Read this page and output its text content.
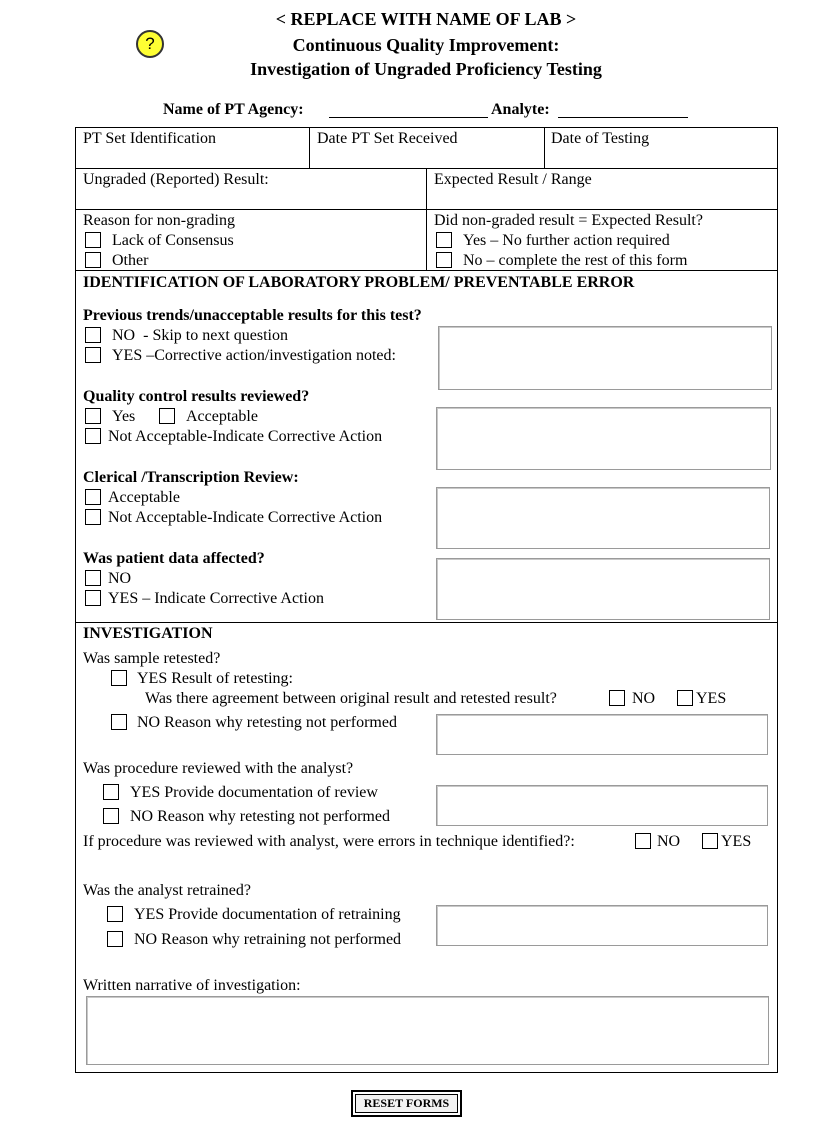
< REPLACE WITH NAME OF LAB >
?	Continuous Quality Improvement:
Investigation of Ungraded Proficiency Testing
Name of PT Agency:	Analyte:
PT Set Identification	Date PT Set Received	Date of Testing
Ungraded (Reported) Result:	Expected Result / Range
Reason for non-grading
Lack of Consensus
Other
Did non-graded result = Expected Result?
Yes – No further action required
No – complete the rest of this form
IDENTIFICATION OF LABORATORY PROBLEM/ PREVENTABLE ERROR
Previous trends/unacceptable results for this test?
NO - Skip to next question
YES –Corrective action/investigation noted:
Quality control results reviewed?
Yes	Acceptable
Not Acceptable-Indicate Corrective Action
Clerical /Transcription Review:
Acceptable
Not Acceptable-Indicate Corrective Action
Was patient data affected?
NO
YES – Indicate Corrective Action
INVESTIGATION
Was sample retested?
YES Result of retesting:
Was there agreement between original result and retested result?	NO	YES
NO Reason why retesting not performed
Was procedure reviewed with the analyst?
YES Provide documentation of review
NO Reason why retesting not performed
If procedure was reviewed with analyst, were errors in technique identified?:	NO	YES
Was the analyst retrained?
YES Provide documentation of retraining
NO Reason why retraining not performed
Written narrative of investigation:
RESET FORMS
